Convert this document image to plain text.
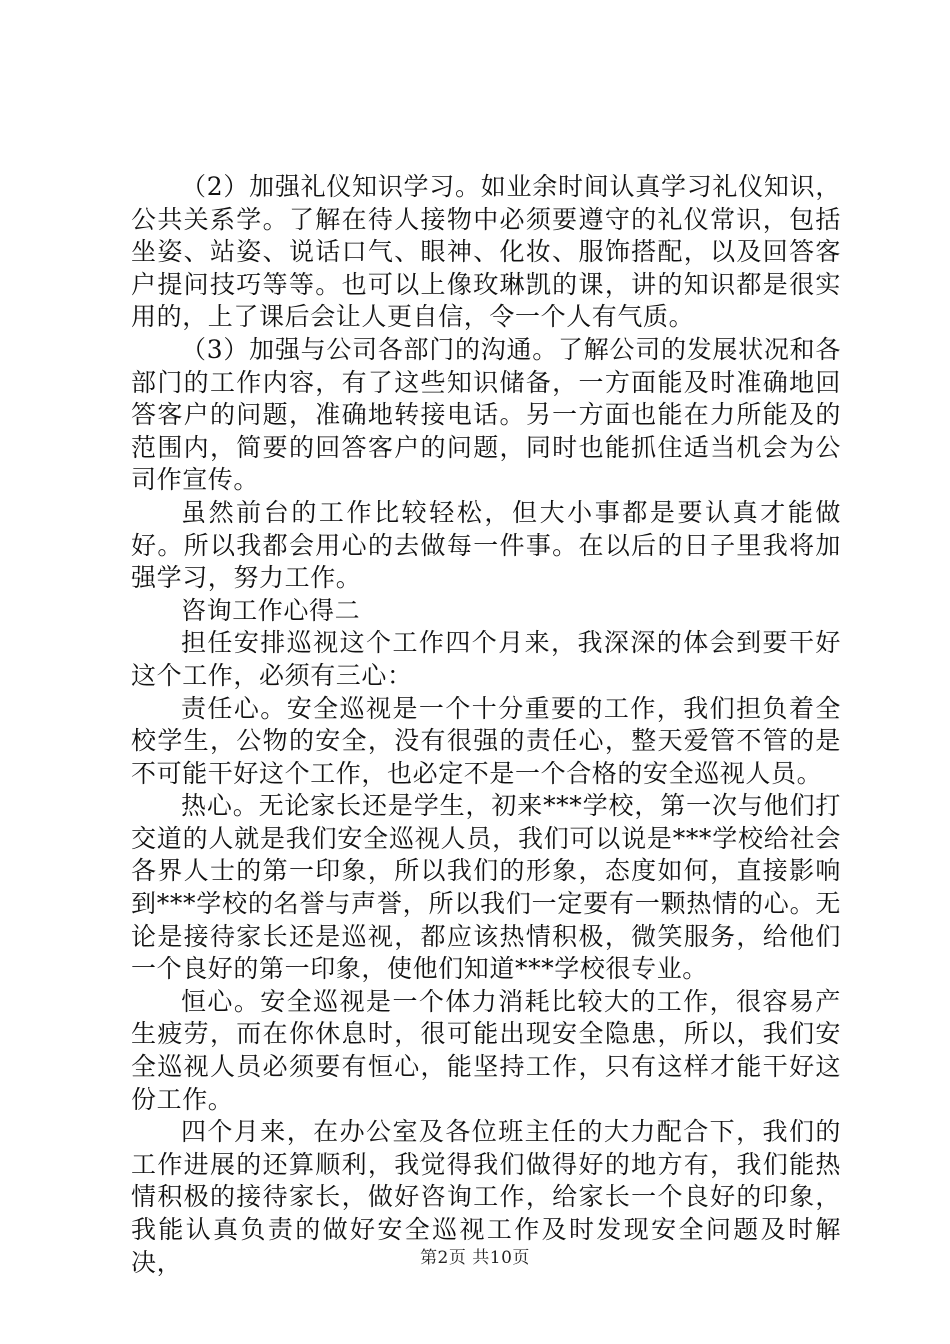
（2）加强礼仪知识学习。如业余时间认真学习礼仪知识，公共关系学。了解在待人接物中必须要遵守的礼仪常识，包括坐姿、站姿、说话口气、眼神、化妆、服饰搭配，以及回答客户提问技巧等等。也可以上像玫琳凯的课，讲的知识都是很实用的，上了课后会让人更自信，令一个人有气质。

（3）加强与公司各部门的沟通。了解公司的发展状况和各部门的工作内容，有了这些知识储备，一方面能及时准确地回答客户的问题，准确地转接电话。另一方面也能在力所能及的范围内，简要的回答客户的问题，同时也能抓住适当机会为公司作宣传。

虽然前台的工作比较轻松，但大小事都是要认真才能做好。所以我都会用心的去做每一件事。在以后的日子里我将加强学习，努力工作。

咨询工作心得二

担任安排巡视这个工作四个月来，我深深的体会到要干好这个工作，必须有三心：

责任心。安全巡视是一个十分重要的工作，我们担负着全校学生，公物的安全，没有很强的责任心，整天爱管不管的是不可能干好这个工作，也必定不是一个合格的安全巡视人员。

热心。无论家长还是学生，初来***学校，第一次与他们打交道的人就是我们安全巡视人员，我们可以说是***学校给社会各界人士的第一印象，所以我们的形象，态度如何，直接影响到***学校的名誉与声誉，所以我们一定要有一颗热情的心。无论是接待家长还是巡视，都应该热情积极，微笑服务，给他们一个良好的第一印象，使他们知道***学校很专业。

恒心。安全巡视是一个体力消耗比较大的工作，很容易产生疲劳，而在你休息时，很可能出现安全隐患，所以，我们安全巡视人员必须要有恒心，能坚持工作，只有这样才能干好这份工作。

四个月来，在办公室及各位班主任的大力配合下，我们的工作进展的还算顺利，我觉得我们做得好的地方有，我们能热情积极的接待家长，做好咨询工作，给家长一个良好的印象，我能认真负责的做好安全巡视工作及时发现安全问题及时解决，	第2页 共10页
